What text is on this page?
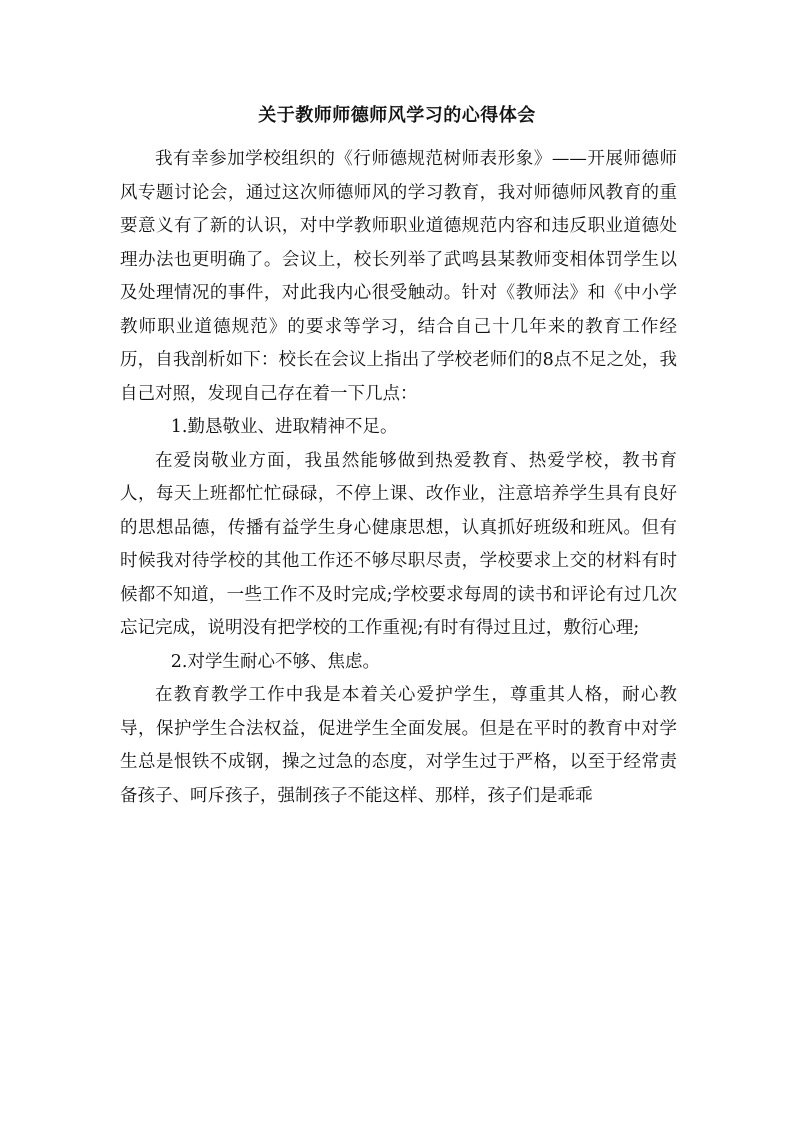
关于教师师德师风学习的心得体会

我有幸参加学校组织的《行师德规范树师表形象》——开展师德师风专题讨论会，通过这次师德师风的学习教育，我对师德师风教育的重要意义有了新的认识，对中学教师职业道德规范内容和违反职业道德处理办法也更明确了。会议上，校长列举了武鸣县某教师变相体罚学生以及处理情况的事件，对此我内心很受触动。针对《教师法》和《中小学教师职业道德规范》的要求等学习，结合自己十几年来的教育工作经历，自我剖析如下：校长在会议上指出了学校老师们的8点不足之处，我自己对照，发现自己存在着一下几点：

1.勤恳敬业、进取精神不足。

在爱岗敬业方面，我虽然能够做到热爱教育、热爱学校，教书育人，每天上班都忙忙碌碌，不停上课、改作业，注意培养学生具有良好的思想品德，传播有益学生身心健康思想，认真抓好班级和班风。但有时候我对待学校的其他工作还不够尽职尽责，学校要求上交的材料有时候都不知道，一些工作不及时完成;学校要求每周的读书和评论有过几次忘记完成，说明没有把学校的工作重视;有时有得过且过，敷衍心理;

2.对学生耐心不够、焦虑。

在教育教学工作中我是本着关心爱护学生，尊重其人格，耐心教导，保护学生合法权益，促进学生全面发展。但是在平时的教育中对学生总是恨铁不成钢，操之过急的态度，对学生过于严格，以至于经常责备孩子、呵斥孩子，强制孩子不能这样、那样，孩子们是乖乖
